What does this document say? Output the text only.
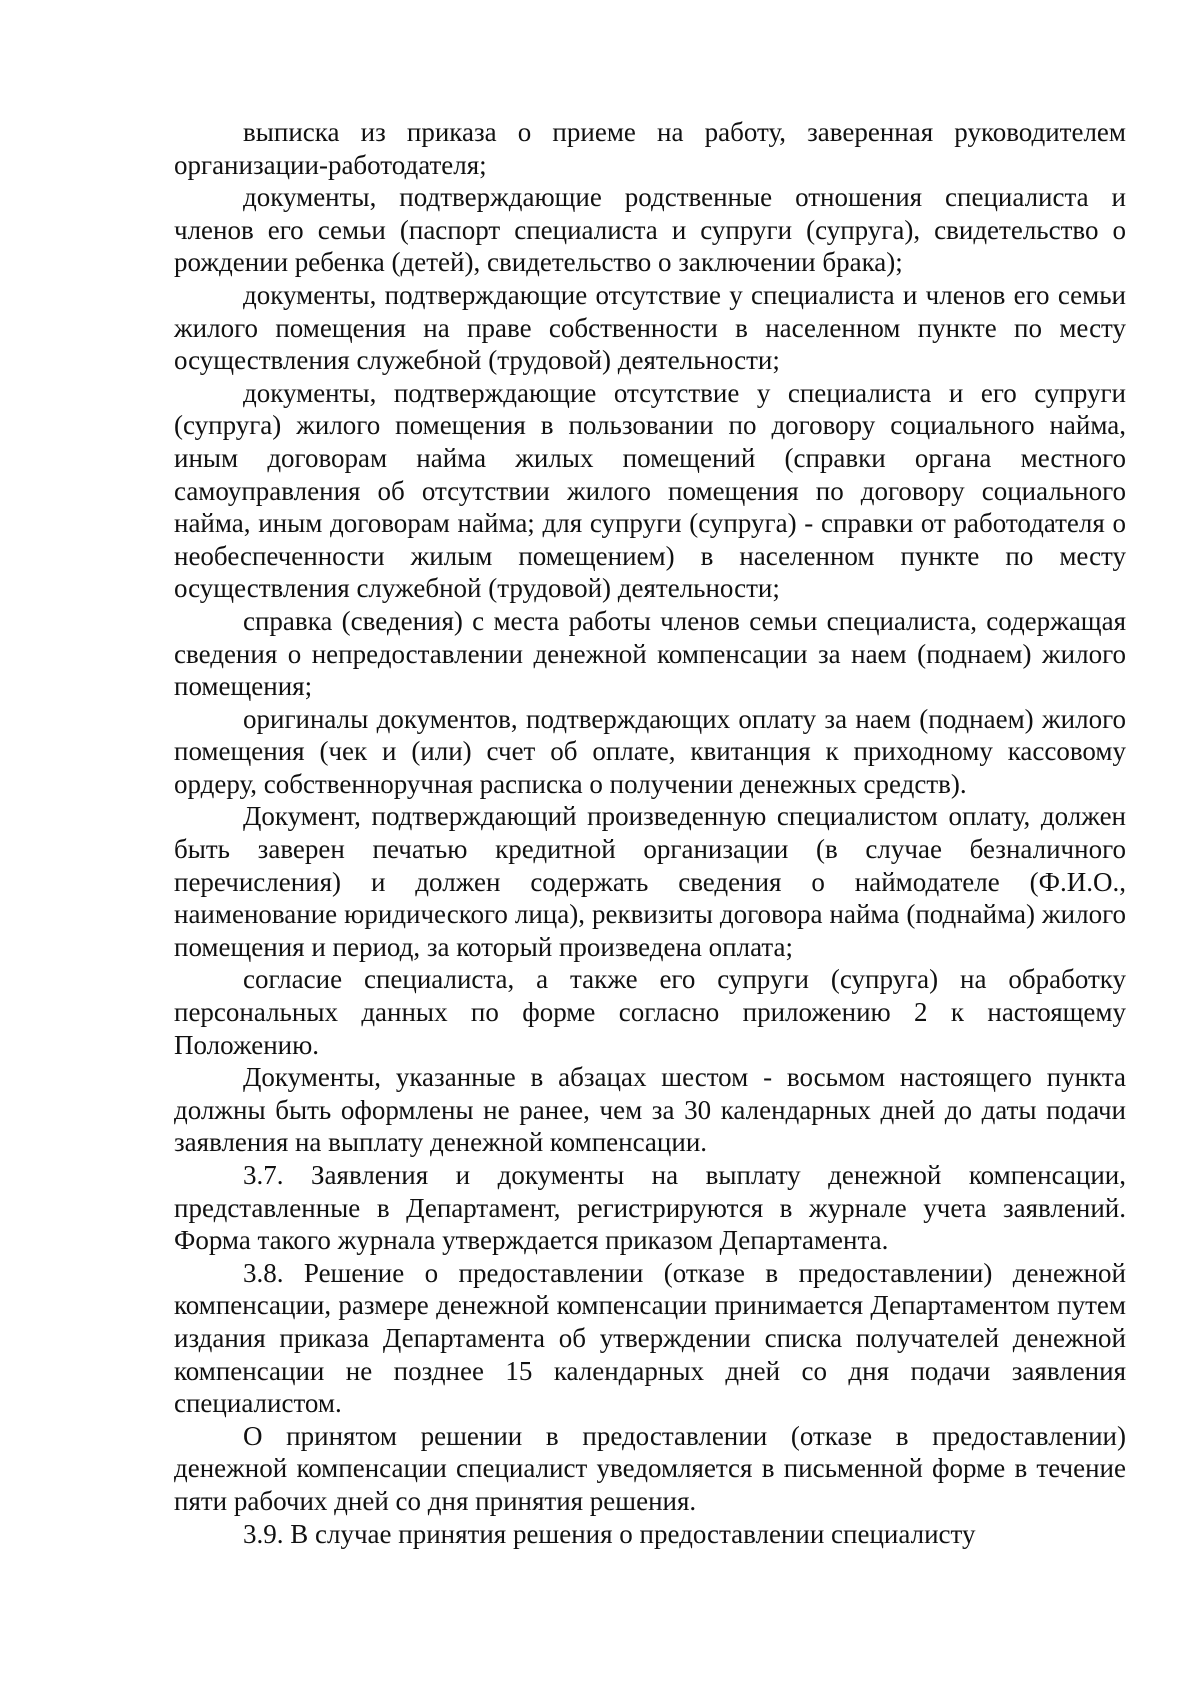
выписка из приказа о приеме на работу, заверенная руководителем организации-работодателя;

документы, подтверждающие родственные отношения специалиста и членов его семьи (паспорт специалиста и супруги (супруга), свидетельство о рождении ребенка (детей), свидетельство о заключении брака);

документы, подтверждающие отсутствие у специалиста и членов его семьи жилого помещения на праве собственности в населенном пункте по месту осуществления служебной (трудовой) деятельности;

документы, подтверждающие отсутствие у специалиста и его супруги (супруга) жилого помещения в пользовании по договору социального найма, иным договорам найма жилых помещений (справки органа местного самоуправления об отсутствии жилого помещения по договору социального найма, иным договорам найма; для супруги (супруга) - справки от работодателя о необеспеченности жилым помещением) в населенном пункте по месту осуществления служебной (трудовой) деятельности;

справка (сведения) с места работы членов семьи специалиста, содержащая сведения о непредоставлении денежной компенсации за наем (поднаем) жилого помещения;

оригиналы документов, подтверждающих оплату за наем (поднаем) жилого помещения (чек и (или) счет об оплате, квитанция к приходному кассовому ордеру, собственноручная расписка о получении денежных средств).

Документ, подтверждающий произведенную специалистом оплату, должен быть заверен печатью кредитной организации (в случае безналичного перечисления) и должен содержать сведения о наймодателе (Ф.И.О., наименование юридического лица), реквизиты договора найма (поднайма) жилого помещения и период, за который произведена оплата;

согласие специалиста, а также его супруги (супруга) на обработку персональных данных по форме согласно приложению 2 к настоящему Положению.

Документы, указанные в абзацах шестом - восьмом настоящего пункта должны быть оформлены не ранее, чем за 30 календарных дней до даты подачи заявления на выплату денежной компенсации.

3.7. Заявления и документы на выплату денежной компенсации, представленные в Департамент, регистрируются в журнале учета заявлений. Форма такого журнала утверждается приказом Департамента.

3.8. Решение о предоставлении (отказе в предоставлении) денежной компенсации, размере денежной компенсации принимается Департаментом путем издания приказа Департамента об утверждении списка получателей денежной компенсации не позднее 15 календарных дней со дня подачи заявления специалистом.

О принятом решении в предоставлении (отказе в предоставлении) денежной компенсации специалист уведомляется в письменной форме в течение пяти рабочих дней со дня принятия решения.

3.9. В случае принятия решения о предоставлении специалисту
